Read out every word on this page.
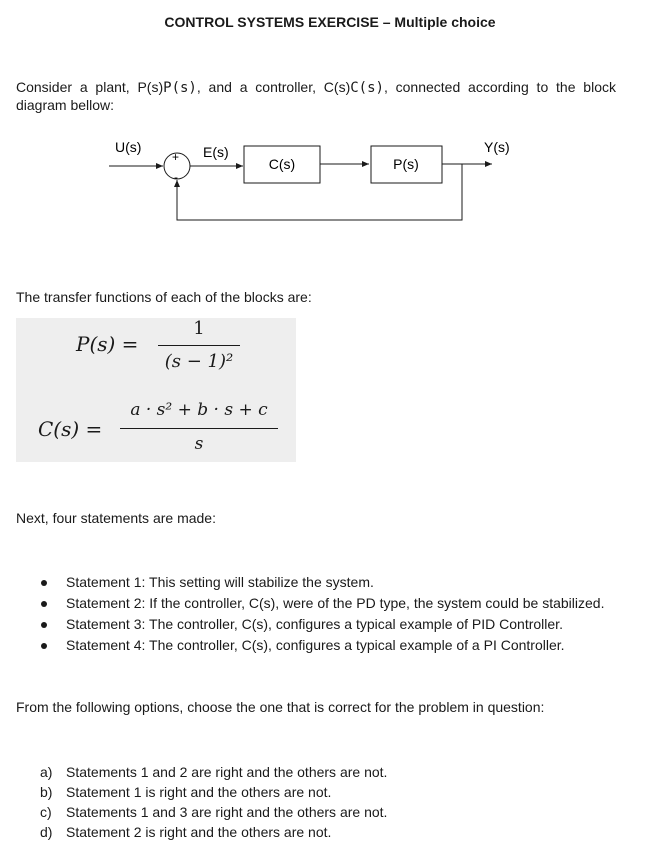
CONTROL SYSTEMS EXERCISE – Multiple choice
Consider a plant, P(s)P(s), and a controller, C(s)C(s), connected according to the block diagram bellow:
U(s)
+
-
E(s)
C(s)	P(s)
Y(s)
The transfer functions of each of the blocks are:
P(s) =
1
(s − 1)²
C(s) =
a · s² + b · s + c
s
Next, four statements are made:
Statement 1: This setting will stabilize the system.
Statement 2: If the controller, C(s), were of the PD type, the system could be stabilized.
Statement 3: The controller, C(s), configures a typical example of PID Controller.
Statement 4: The controller, C(s), configures a typical example of a PI Controller.
From the following options, choose the one that is correct for the problem in question:
a) Statements 1 and 2 are right and the others are not.
b) Statement 1 is right and the others are not.
c) Statements 1 and 3 are right and the others are not.
d) Statement 2 is right and the others are not.
